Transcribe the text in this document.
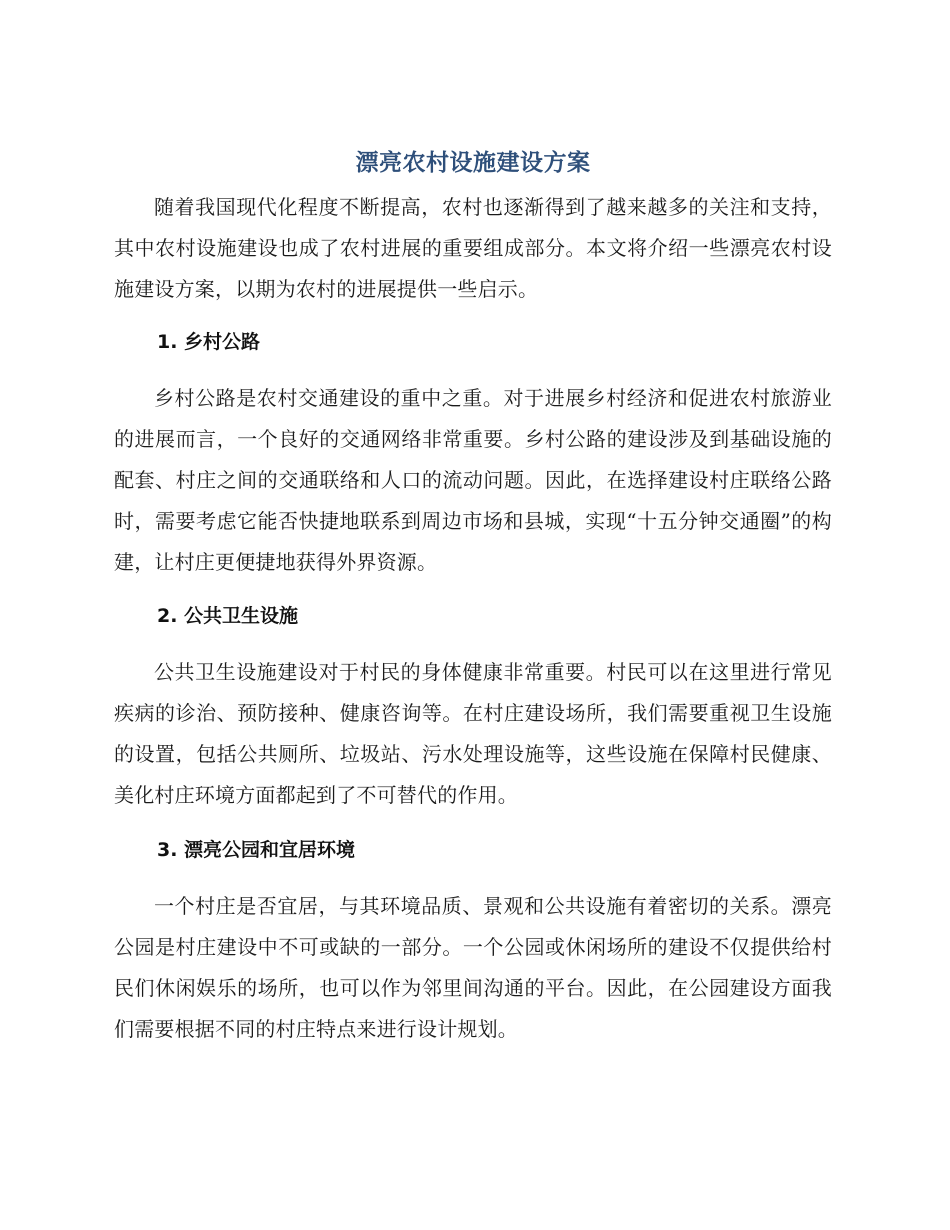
漂亮农村设施建设方案

随着我国现代化程度不断提高，农村也逐渐得到了越来越多的关注和支持，其中农村设施建设也成了农村进展的重要组成部分。本文将介绍一些漂亮农村设施建设方案，以期为农村的进展提供一些启示。

1. 乡村公路

乡村公路是农村交通建设的重中之重。对于进展乡村经济和促进农村旅游业的进展而言，一个良好的交通网络非常重要。乡村公路的建设涉及到基础设施的配套、村庄之间的交通联络和人口的流动问题。因此，在选择建设村庄联络公路时，需要考虑它能否快捷地联系到周边市场和县城，实现“十五分钟交通圈”的构建，让村庄更便捷地获得外界资源。

2. 公共卫生设施

公共卫生设施建设对于村民的身体健康非常重要。村民可以在这里进行常见疾病的诊治、预防接种、健康咨询等。在村庄建设场所，我们需要重视卫生设施的设置，包括公共厕所、垃圾站、污水处理设施等，这些设施在保障村民健康、美化村庄环境方面都起到了不可替代的作用。

3. 漂亮公园和宜居环境

一个村庄是否宜居，与其环境品质、景观和公共设施有着密切的关系。漂亮公园是村庄建设中不可或缺的一部分。一个公园或休闲场所的建设不仅提供给村民们休闲娱乐的场所，也可以作为邻里间沟通的平台。因此，在公园建设方面我们需要根据不同的村庄特点来进行设计规划。
